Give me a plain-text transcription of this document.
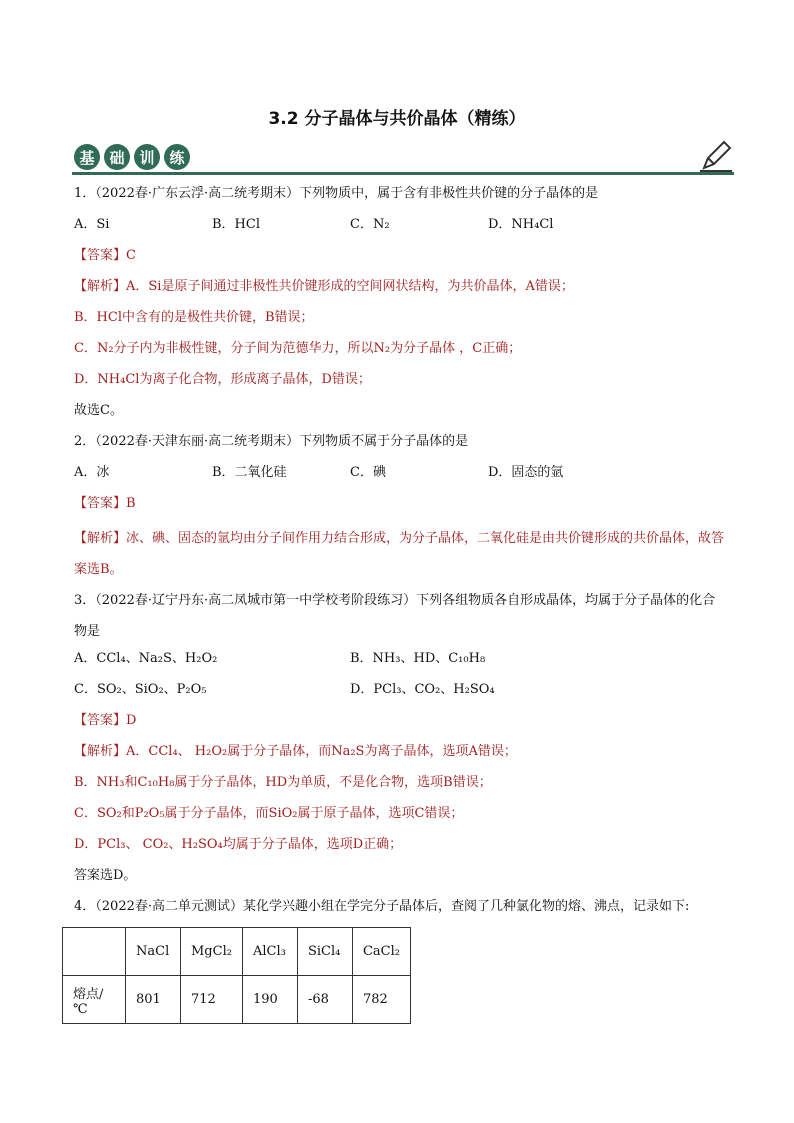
3.2 分子晶体与共价晶体（精练）
基 础 训 练
1．（2022春·广东云浮·高二统考期末）下列物质中，属于含有非极性共价键的分子晶体的是
A．Si	B．HCl	C．N₂	D．NH₄Cl
【答案】C
【解析】A．Si是原子间通过非极性共价键形成的空间网状结构，为共价晶体，A错误；
B．HCl中含有的是极性共价键，B错误；
C．N₂分子内为非极性键，分子间为范德华力，所以N₂为分子晶体 ，C正确；
D．NH₄Cl为离子化合物，形成离子晶体，D错误；
故选C。
2．（2022春·天津东丽·高二统考期末）下列物质不属于分子晶体的是
A．冰	B．二氧化硅	C．碘	D．固态的氩
【答案】B
【解析】冰、碘、固态的氩均由分子间作用力结合形成，为分子晶体，二氧化硅是由共价键形成的共价晶体，故答案选B。
3．（2022春·辽宁丹东·高二凤城市第一中学校考阶段练习）下列各组物质各自形成晶体，均属于分子晶体的化合物是
A．CCl₄、Na₂S、H₂O₂	B．NH₃、HD、C₁₀H₈
C．SO₂、SiO₂、P₂O₅	D．PCl₃、CO₂、H₂SO₄
【答案】D
【解析】A．CCl₄、 H₂O₂属于分子晶体，而Na₂S为离子晶体，选项A错误；
B．NH₃和C₁₀H₈属于分子晶体，HD为单质，不是化合物，选项B错误；
C．SO₂和P₂O₅属于分子晶体，而SiO₂属于原子晶体，选项C错误；
D．PCl₃、 CO₂、H₂SO₄均属于分子晶体，选项D正确；
答案选D。
4．（2022春·高二单元测试）某化学兴趣小组在学完分子晶体后，查阅了几种氯化物的熔、沸点，记录如下:
	NaCl	MgCl₂	AlCl₃	SiCl₄	CaCl₂
熔点/℃	801	712	190	-68	782
